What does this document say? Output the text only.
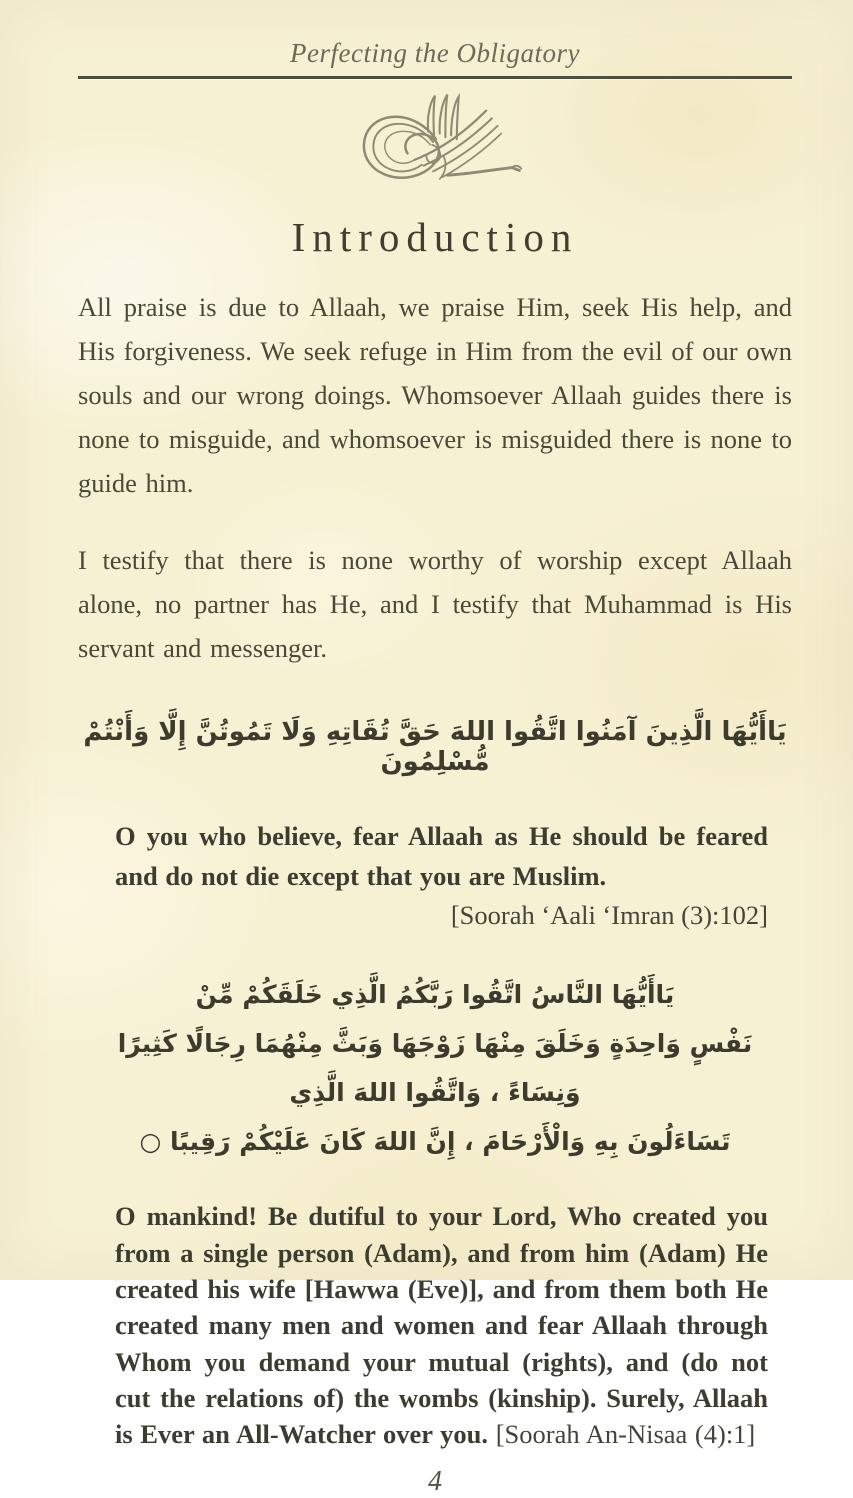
Perfecting the Obligatory
Introduction

All praise is due to Allaah, we praise Him, seek His help, and His forgiveness. We seek refuge in Him from the evil of our own souls and our wrong doings. Whomsoever Allaah guides there is none to misguide, and whomsoever is misguided there is none to guide him.

I testify that there is none worthy of worship except Allaah alone, no partner has He, and I testify that Muhammad is His servant and messenger.

يَاأَيُّهَا الَّذِينَ آمَنُوا اتَّقُوا اللهَ حَقَّ تُقَاتِهِ وَلَا تَمُوتُنَّ إِلَّا وَأَنْتُمْ مُّسْلِمُونَ
O you who believe, fear Allaah as He should be feared and do not die except that you are Muslim.
[Soorah ‘Aali ‘Imran (3):102]
يَاأَيُّهَا النَّاسُ اتَّقُوا رَبَّكُمُ الَّذِي خَلَقَكُمْ مِّنْ
نَفْسٍ وَاحِدَةٍ وَخَلَقَ مِنْهَا زَوْجَهَا وَبَثَّ مِنْهُمَا رِجَالًا كَثِيرًا وَنِسَاءً ، وَاتَّقُوا اللهَ الَّذِي
تَسَاءَلُونَ بِهِ وَالْأَرْحَامَ ، إِنَّ اللهَ كَانَ عَلَيْكُمْ رَقِيبًا ○
O mankind! Be dutiful to your Lord, Who created you from a single person (Adam), and from him (Adam) He created his wife [Hawwa (Eve)], and from them both He created many men and women and fear Allaah through Whom you demand your mutual (rights), and (do not cut the relations of) the wombs (kinship). Surely, Allaah is Ever an All-Watcher over you. [Soorah An-Nisaa (4):1]
4
